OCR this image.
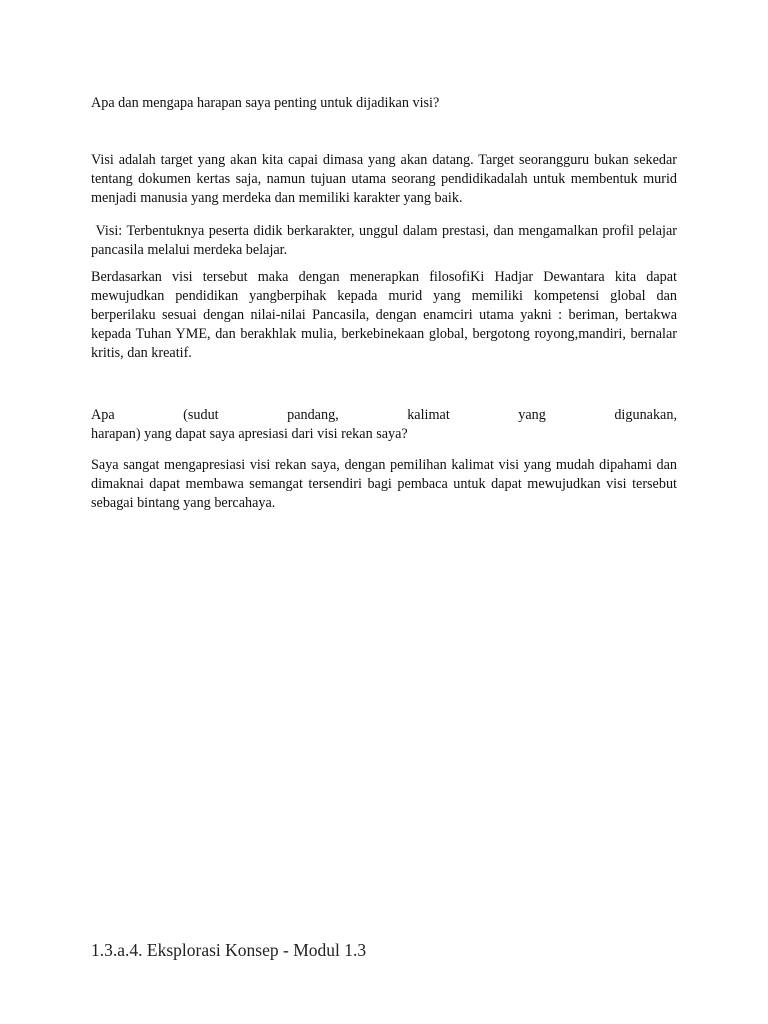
Apa dan mengapa harapan saya penting untuk dijadikan visi?

Visi adalah target yang akan kita capai dimasa yang akan datang. Target seorangguru bukan sekedar tentang dokumen kertas saja, namun tujuan utama seorang pendidikadalah untuk membentuk murid menjadi manusia yang merdeka dan memiliki karakter yang baik.

Visi: Terbentuknya peserta didik berkarakter, unggul dalam prestasi, dan mengamalkan profil pelajar pancasila melalui merdeka belajar.

Berdasarkan visi tersebut maka dengan menerapkan filosofiKi Hadjar Dewantara kita dapat mewujudkan pendidikan yangberpihak kepada murid yang memiliki kompetensi global dan berperilaku sesuai dengan nilai-nilai Pancasila, dengan enamciri utama yakni : beriman, bertakwa kepada Tuhan YME, dan berakhlak mulia, berkebinekaan global, bergotong royong,mandiri, bernalar kritis, dan kreatif.

Apa (sudut pandang, kalimat yang digunakan,
harapan) yang dapat saya apresiasi dari visi rekan saya?

Saya sangat mengapresiasi visi rekan saya, dengan pemilihan kalimat visi yang mudah dipahami dan dimaknai dapat membawa semangat tersendiri bagi pembaca untuk dapat mewujudkan visi tersebut sebagai bintang yang bercahaya.

1.3.a.4. Eksplorasi Konsep - Modul 1.3
